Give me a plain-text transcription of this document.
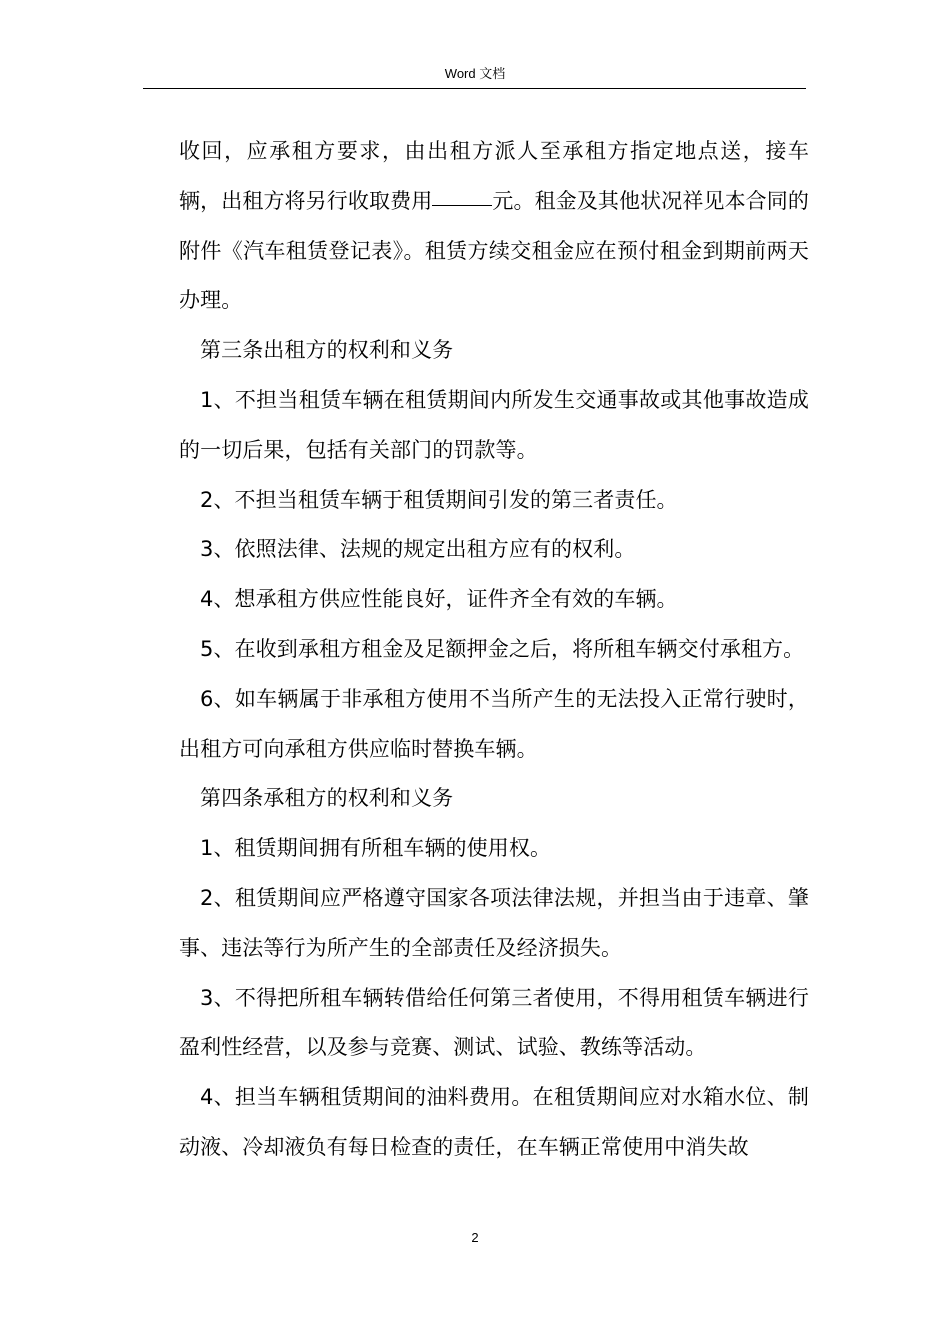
Word 文档

收回，应承租方要求，由出租方派人至承租方指定地点送，接车辆，出租方将另行收取费用	元。租金及其他状况祥见本合同的附件《汽车租赁登记表》。租赁方续交租金应在预付租金到期前两天办理。

第三条出租方的权利和义务

1、不担当租赁车辆在租赁期间内所发生交通事故或其他事故造成的一切后果，包括有关部门的罚款等。

2、不担当租赁车辆于租赁期间引发的第三者责任。

3、依照法律、法规的规定出租方应有的权利。

4、想承租方供应性能良好，证件齐全有效的车辆。

5、在收到承租方租金及足额押金之后，将所租车辆交付承租方。

6、如车辆属于非承租方使用不当所产生的无法投入正常行驶时，出租方可向承租方供应临时替换车辆。

第四条承租方的权利和义务

1、租赁期间拥有所租车辆的使用权。

2、租赁期间应严格遵守国家各项法律法规，并担当由于违章、肇事、违法等行为所产生的全部责任及经济损失。

3、不得把所租车辆转借给任何第三者使用，不得用租赁车辆进行盈利性经营，以及参与竞赛、测试、试验、教练等活动。

4、担当车辆租赁期间的油料费用。在租赁期间应对水箱水位、制动液、冷却液负有每日检查的责任，在车辆正常使用中消失故

2
